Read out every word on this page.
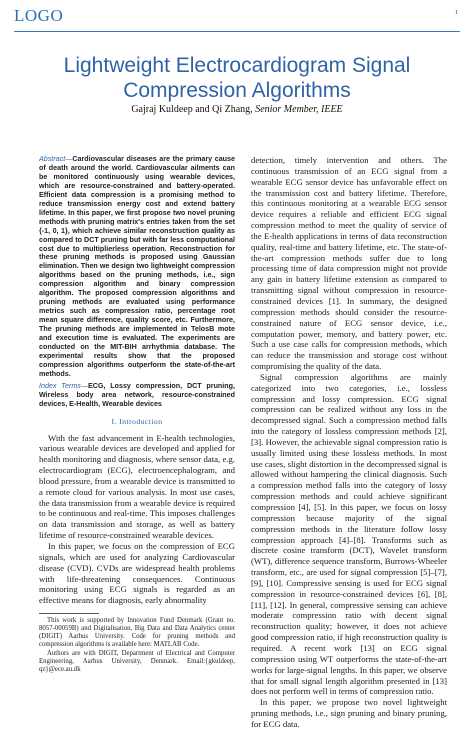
LOGO	1
Lightweight Electrocardiogram Signal
Compression Algorithms
Gajraj Kuldeep and Qi Zhang, Senior Member, IEEE
Abstract—Cardiovascular diseases are the primary cause of death around the world. Cardiovascular ailments can be monitored continuously using wearable devices, which are resource-constrained and battery-operated. Efficient data compression is a promising method to reduce transmission energy cost and extend battery lifetime. In this paper, we first propose two novel pruning methods with pruning matrix's entries taken from the set {-1, 0, 1}, which achieve similar reconstruction quality as compared to DCT pruning but with far less computational cost due to multiplierless operation. Reconstruction for these pruning methods is proposed using Gaussian elimination. Then we design two lightweight compression algorithms based on the pruning methods, i.e., sign compression algorithm and binary compression algorithm. The proposed compression algorithms and pruning methods are evaluated using performance metrics such as compression ratio, percentage root mean square difference, quality score, etc. Furthermore, The pruning methods are implemented in TelosB mote and execution time is evaluated. The experiments are conducted on the MIT-BIH arrhythmia database. The experimental results show that the proposed compression algorithms outperform the state-of-the-art methods.
Index Terms—ECG, Lossy compression, DCT pruning, Wireless body area network, resource-constrained devices, E-Health, Wearable devices
I. Introduction

With the fast advancement in E-health technologies, various wearable devices are developed and applied for health monitoring and diagnosis, where sensor data, e.g. electrocardiogram (ECG), electroencephalogram, and blood pressure, from a wearable device is transmitted to a remote cloud for various analysis. In most use cases, the data transmission from a wearable device is required to be continuous and real-time. This imposes challenges on data transmission and storage, as well as battery lifetime of resource-constrained wearable devices.

In this paper, we focus on the compression of ECG signals, which are used for analyzing Cardiovascular disease (CVD). CVDs are widespread health problems with life-threatening consequences. Continuous monitoring using ECG signals is regarded as an effective means for diagnosis, early abnormality

This work is supported by Innovation Fund Denmark (Grant no. 8057-00059B) and Digitalisation, Big Data and Data Analytics center (DIGIT) Aarhus University. Code for pruning methods and compression algorithms is available here: MATLAB Code.

Authors are with DIGIT, Department of Electrical and Computer Engineering, Aarhus University, Denmark. Email:{gkuldeep, qz}@ece.au.dk

detection, timely intervention and others. The continuous transmission of an ECG signal from a wearable ECG sensor device has unfavorable effect on the transmission cost and battery lifetime. Therefore, this continuous monitoring at a wearable ECG sensor device requires a reliable and efficient ECG signal compression method to meet the quality of service of the E-health applications in terms of data reconstruction quality, real-time and battery lifetime, etc. The state-of-the-art compression methods suffer due to long processing time of data compression might not provide any gain in battery lifetime extension as compared to transmitting signal without compression in resource-constrained devices [1]. In summary, the designed compression methods should consider the resource-constrained nature of ECG sensor device, i.e., computation power, memory, and battery power, etc. Such a use case calls for compression methods, which can reduce the transmission and storage cost without compromising the quality of the data.

Signal compression algorithms are mainly categorized into two categories, i.e., lossless compression and lossy compression. ECG signal compression can be realized without any loss in the decompressed signal. Such a compression method falls into the category of lossless compression methods [2], [3]. However, the achievable signal compression ratio is usually limited using these lossless methods. In most use cases, slight distortion in the decompressed signal is allowed without hampering the clinical diagnosis. Such a compression method falls into the category of lossy compression methods and could achieve significant compression [4], [5]. In this paper, we focus on lossy compression because majority of the signal compression methods in the literature follow lossy compression approach [4]–[8]. Transforms such as discrete cosine transform (DCT), Wavelet transform (WT), difference sequence transform, Burrows-Wheeler transform, etc., are used for signal compression [5]–[7], [9], [10]. Compressive sensing is used for ECG signal compression in resource-constrained devices [6], [8], [11], [12]. In general, compressive sensing can achieve moderate compression ratio with decent signal reconstruction quality; however, it does not achieve good compression ratio, if high reconstruction quality is required. A recent work [13] on ECG signal compression using WT outperforms the state-of-the-art works for large-signal lengths. In this paper, we observe that for small signal length algorithm presented in [13] does not perform well in terms of compression ratio.

In this paper, we propose two novel lightweight pruning methods, i.e., sign pruning and binary pruning, for ECG data.
